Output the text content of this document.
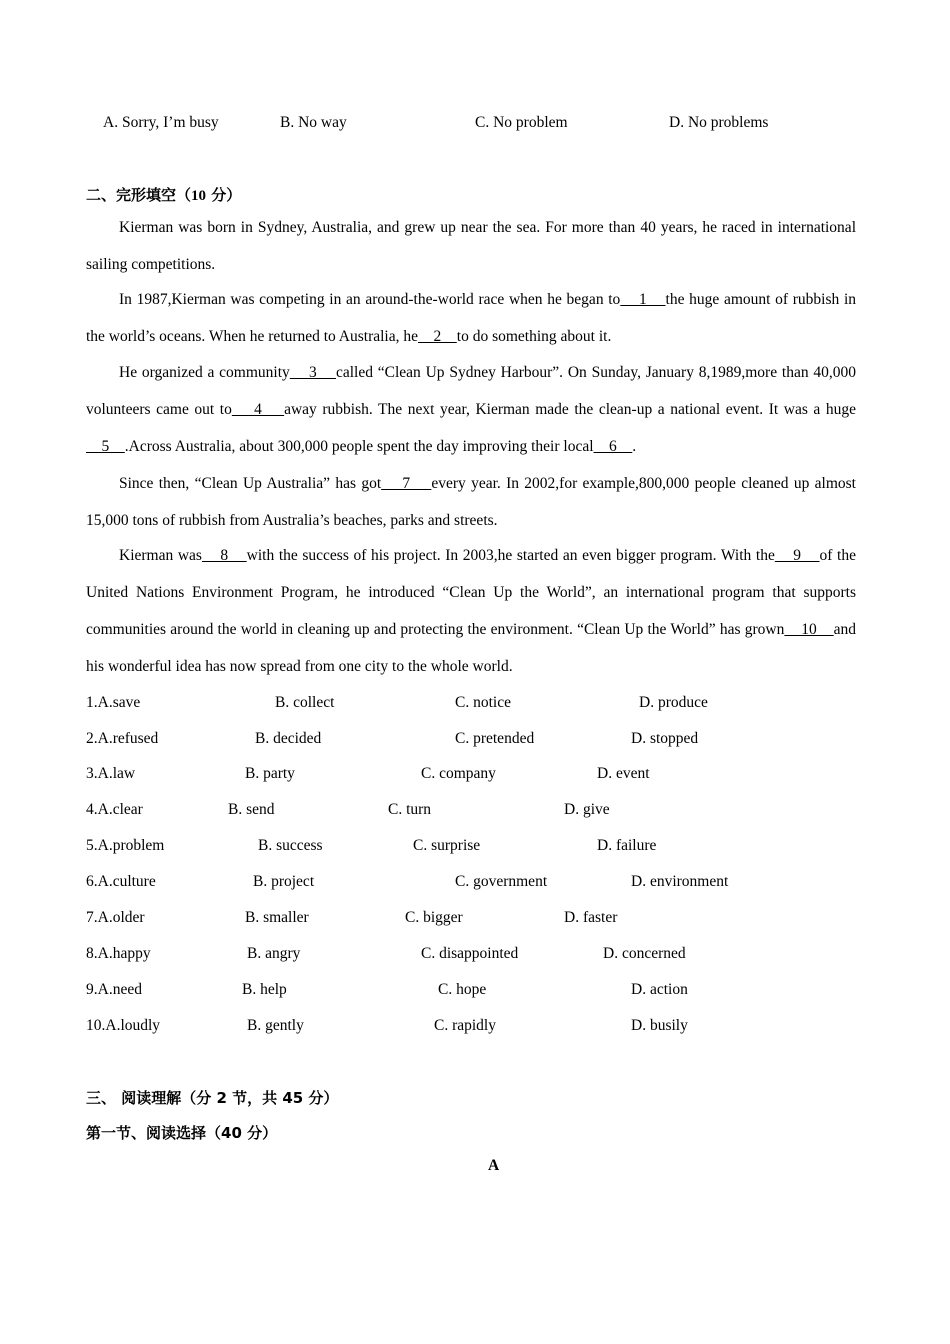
A. Sorry, I’m busy	B. No way	C. No problem	D. No problems
二、完形填空（10 分）
Kierman was born in Sydney, Australia, and grew up near the sea. For more than 40 years, he raced in international sailing competitions.
In 1987,Kierman was competing in an around-the-world race when he began to    1    the huge amount of rubbish in the world’s oceans. When he returned to Australia, he    2    to do something about it.
He organized a community    3    called “Clean Up Sydney Harbour”. On Sunday, January 8,1989,more than 40,000 volunteers came out to    4    away rubbish. The next year, Kierman made the clean-up a national event. It was a huge    5    .Across Australia, about 300,000 people spent the day improving their local    6    .
Since then, “Clean Up Australia” has got    7    every year. In 2002,for example,800,000 people cleaned up almost 15,000 tons of rubbish from Australia’s beaches, parks and streets.
Kierman was    8    with the success of his project. In 2003,he started an even bigger program. With the    9    of the United Nations Environment Program, he introduced “Clean Up the World”, an international program that supports communities around the world in cleaning up and protecting the environment. “Clean Up the World” has grown    10    and his wonderful idea has now spread from one city to the whole world.
1.A.save	B. collect	C. notice	D. produce
2.A.refused	B. decided	C. pretended	D. stopped
3.A.law	B. party	C. company	D. event
4.A.clear	B. send	C. turn	D. give
5.A.problem	B. success	C. surprise	D. failure
6.A.culture	B. project	C. government	D. environment
7.A.older	B. smaller	C. bigger	D. faster
8.A.happy	B. angry	C. disappointed	D. concerned
9.A.need	B. help	C. hope	D. action
10.A.loudly	B. gently	C. rapidly	D. busily
三、 阅读理解（分 2 节，共 45 分）
第一节、阅读选择（40 分）
A
